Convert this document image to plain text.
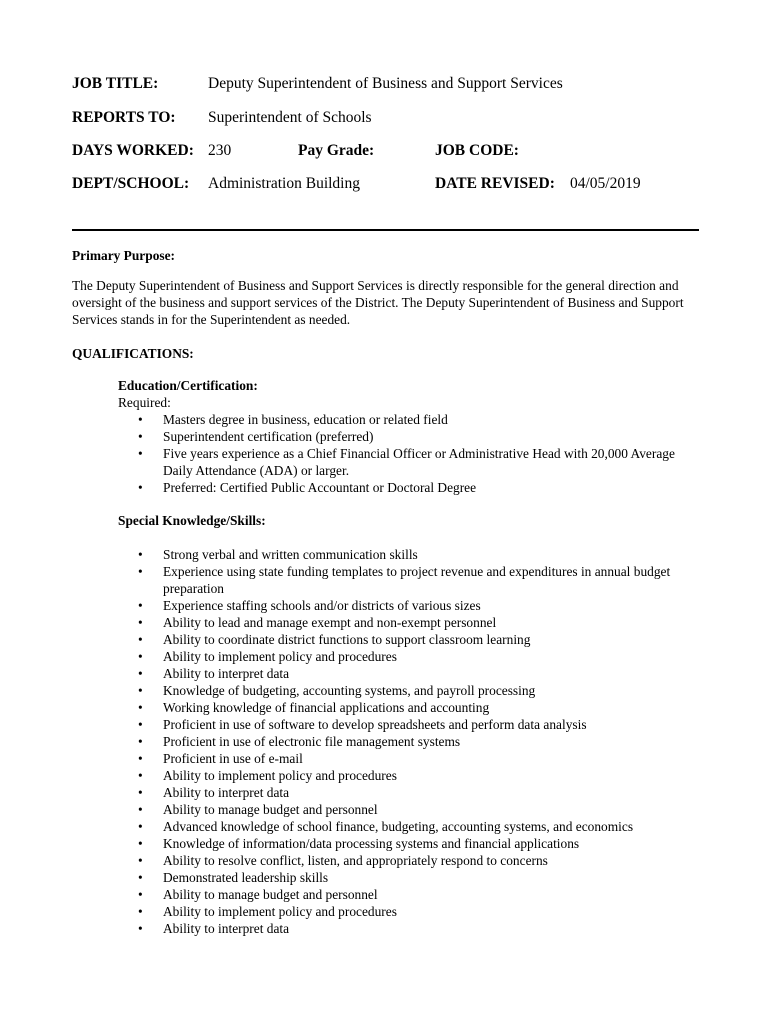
JOB TITLE:	Deputy Superintendent of Business and Support Services
REPORTS TO: Superintendent of Schools
DAYS WORKED: 230	Pay Grade:	JOB CODE:
DEPT/SCHOOL: Administration Building	DATE REVISED: 04/05/2019
Primary Purpose:
The Deputy Superintendent of Business and Support Services is directly responsible for the general direction and oversight of the business and support services of the District. The Deputy Superintendent of Business and Support Services stands in for the Superintendent as needed.
QUALIFICATIONS:
Education/Certification:
Required:
• Masters degree in business, education or related field
• Superintendent certification (preferred)
• Five years experience as a Chief Financial Officer or Administrative Head with 20,000 Average Daily Attendance (ADA) or larger.
• Preferred: Certified Public Accountant or Doctoral Degree
Special Knowledge/Skills:
• Strong verbal and written communication skills
• Experience using state funding templates to project revenue and expenditures in annual budget preparation
• Experience staffing schools and/or districts of various sizes
• Ability to lead and manage exempt and non-exempt personnel
• Ability to coordinate district functions to support classroom learning
• Ability to implement policy and procedures
• Ability to interpret data
• Knowledge of budgeting, accounting systems, and payroll processing
• Working knowledge of financial applications and accounting
• Proficient in use of software to develop spreadsheets and perform data analysis
• Proficient in use of electronic file management systems
• Proficient in use of e-mail
• Ability to implement policy and procedures
• Ability to interpret data
• Ability to manage budget and personnel
• Advanced knowledge of school finance, budgeting, accounting systems, and economics
• Knowledge of information/data processing systems and financial applications
• Ability to resolve conflict, listen, and appropriately respond to concerns
• Demonstrated leadership skills
• Ability to manage budget and personnel
• Ability to implement policy and procedures
• Ability to interpret data
